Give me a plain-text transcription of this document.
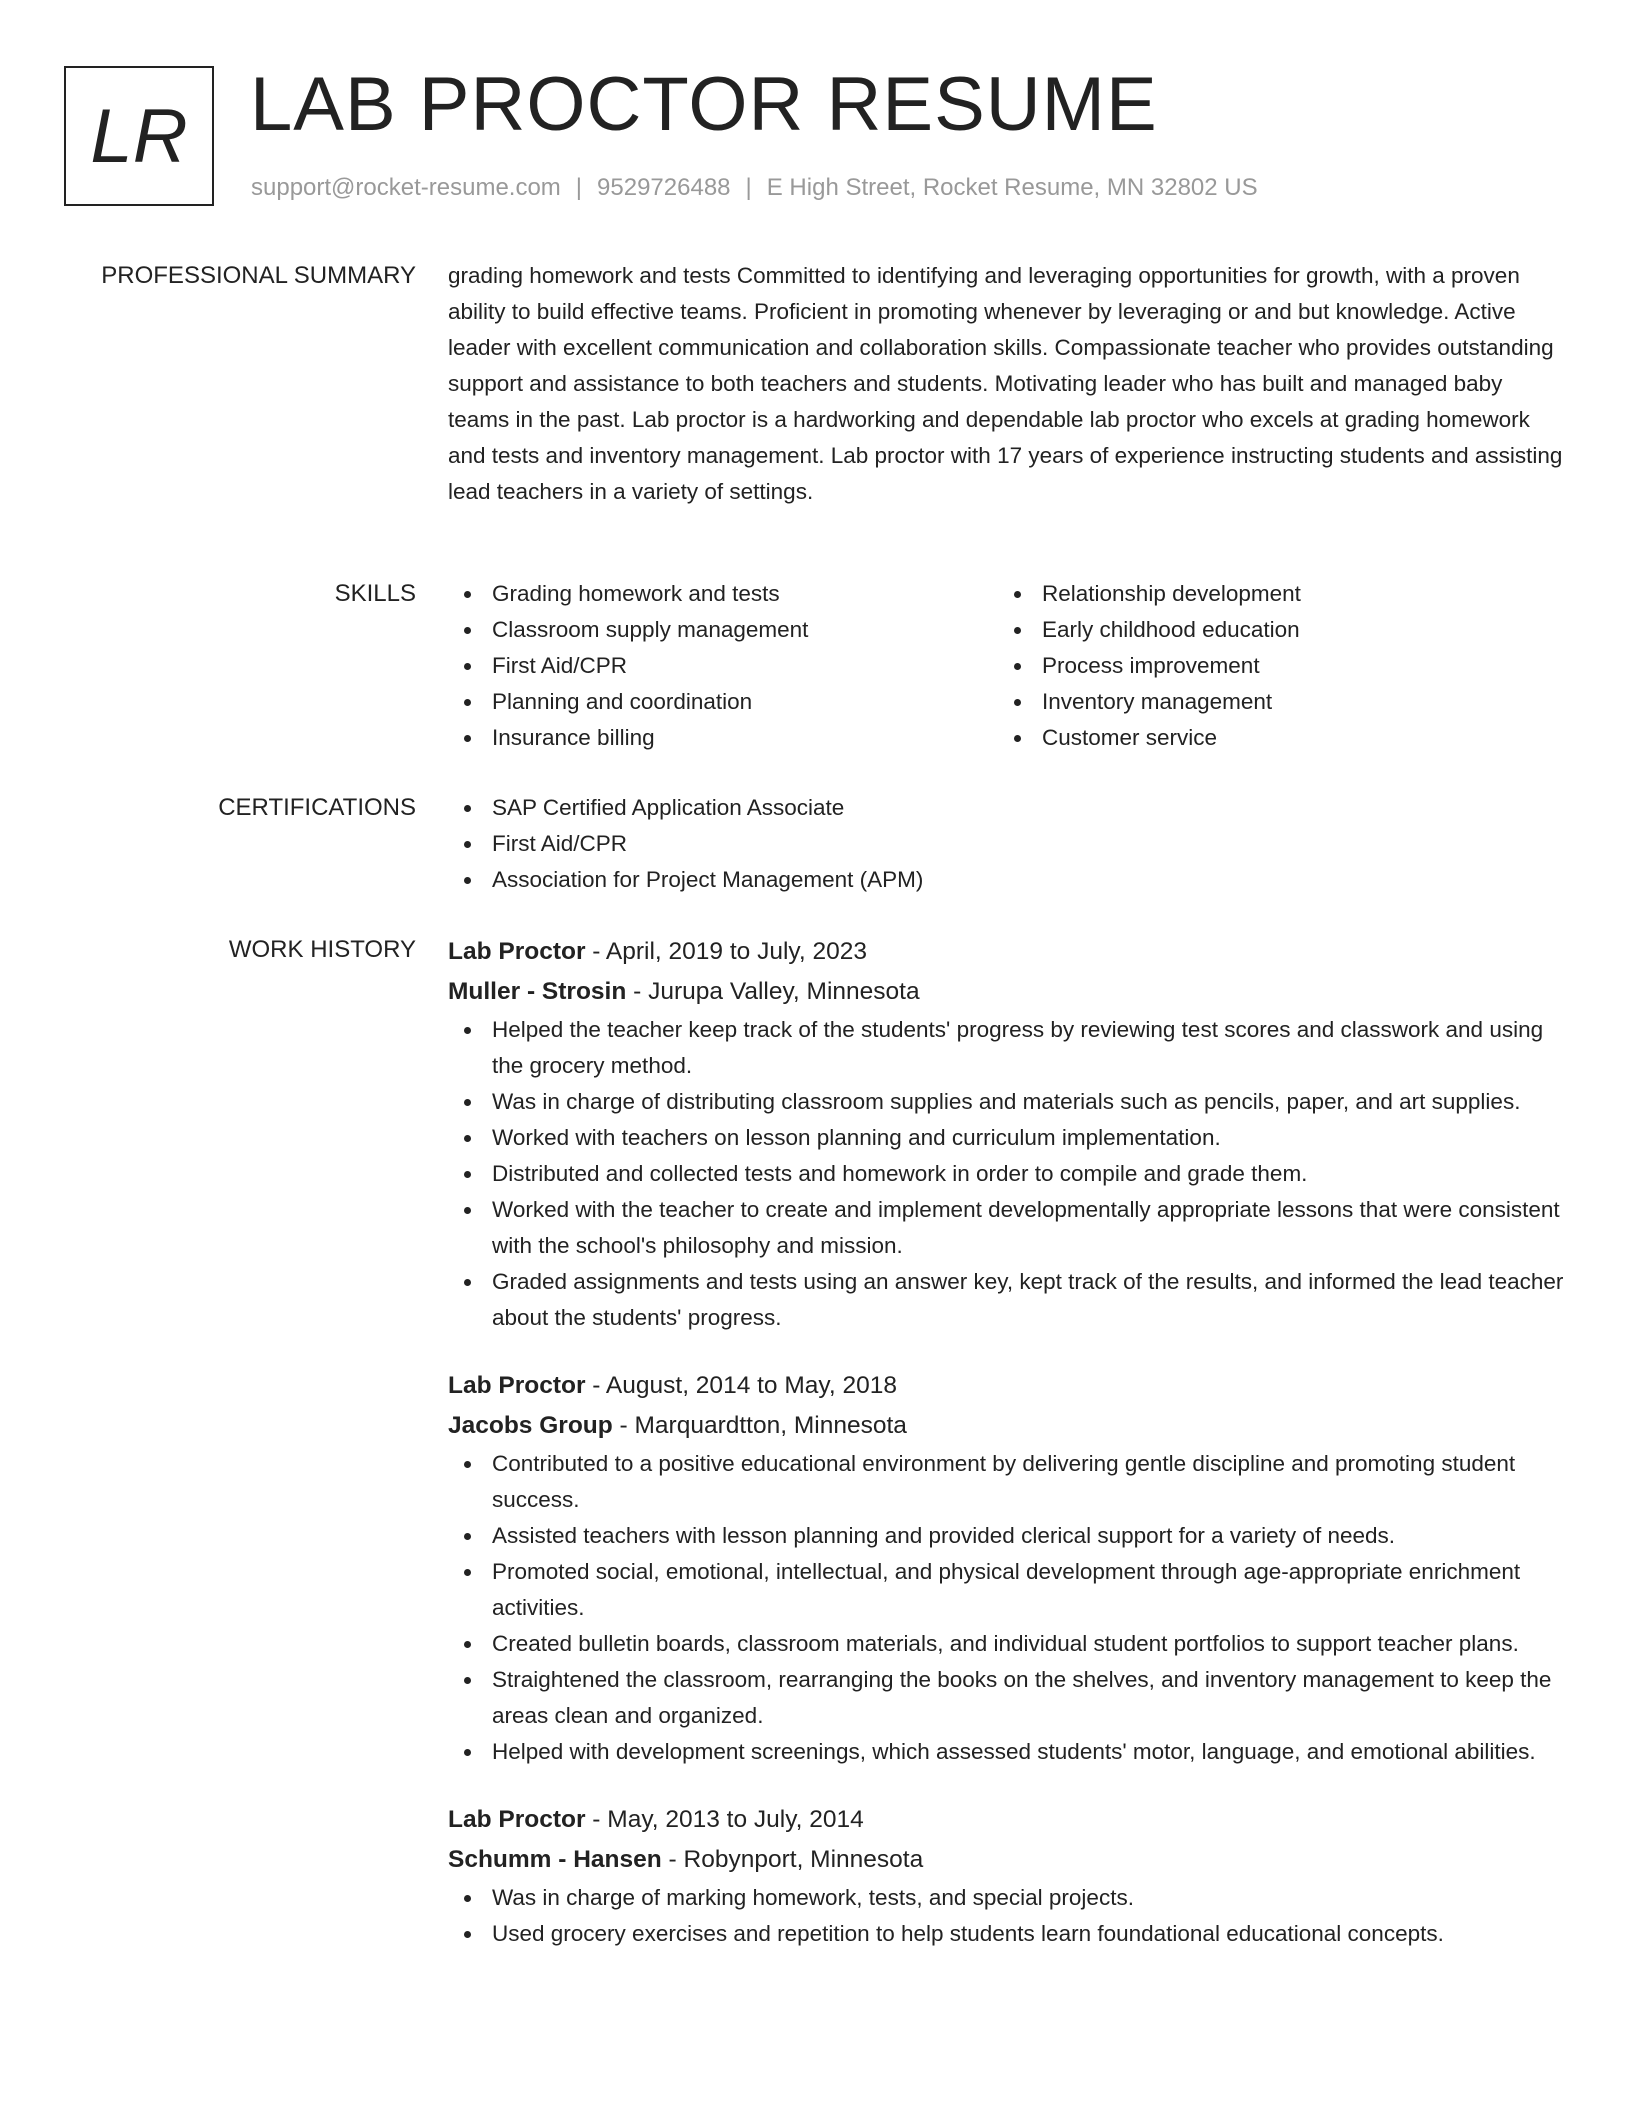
LR LAB PROCTOR RESUME
support@rocket-resume.com | 9529726488 | E High Street, Rocket Resume, MN 32802 US
PROFESSIONAL SUMMARY grading homework and tests Committed to identifying and leveraging opportunities for growth, with a proven ability to build effective teams. Proficient in promoting whenever by leveraging or and but knowledge. Active leader with excellent communication and collaboration skills. Compassionate teacher who provides outstanding support and assistance to both teachers and students. Motivating leader who has built and managed baby teams in the past. Lab proctor is a hardworking and dependable lab proctor who excels at grading homework and tests and inventory management. Lab proctor with 17 years of experience instructing students and assisting lead teachers in a variety of settings.

SKILLS	Grading homework and tests
Classroom supply management
First Aid/CPR
Planning and coordination
Insurance billing
Relationship development
Early childhood education
Process improvement
Inventory management
Customer service
CERTIFICATIONS	SAP Certified Application Associate
First Aid/CPR
Association for Project Management (APM)
WORK HISTORY Lab Proctor - April, 2019 to July, 2023
Muller - Strosin - Jurupa Valley, Minnesota
Helped the teacher keep track of the students' progress by reviewing test scores and classwork and using the grocery method.
Was in charge of distributing classroom supplies and materials such as pencils, paper, and art supplies.
Worked with teachers on lesson planning and curriculum implementation.
Distributed and collected tests and homework in order to compile and grade them.
Worked with the teacher to create and implement developmentally appropriate lessons that were consistent with the school's philosophy and mission.
Graded assignments and tests using an answer key, kept track of the results, and informed the lead teacher about the students' progress.
Lab Proctor - August, 2014 to May, 2018
Jacobs Group - Marquardtton, Minnesota
Contributed to a positive educational environment by delivering gentle discipline and promoting student success.
Assisted teachers with lesson planning and provided clerical support for a variety of needs.
Promoted social, emotional, intellectual, and physical development through age-appropriate enrichment activities.
Created bulletin boards, classroom materials, and individual student portfolios to support teacher plans.
Straightened the classroom, rearranging the books on the shelves, and inventory management to keep the areas clean and organized.
Helped with development screenings, which assessed students' motor, language, and emotional abilities.
Lab Proctor - May, 2013 to July, 2014
Schumm - Hansen - Robynport, Minnesota
Was in charge of marking homework, tests, and special projects.
Used grocery exercises and repetition to help students learn foundational educational concepts.
